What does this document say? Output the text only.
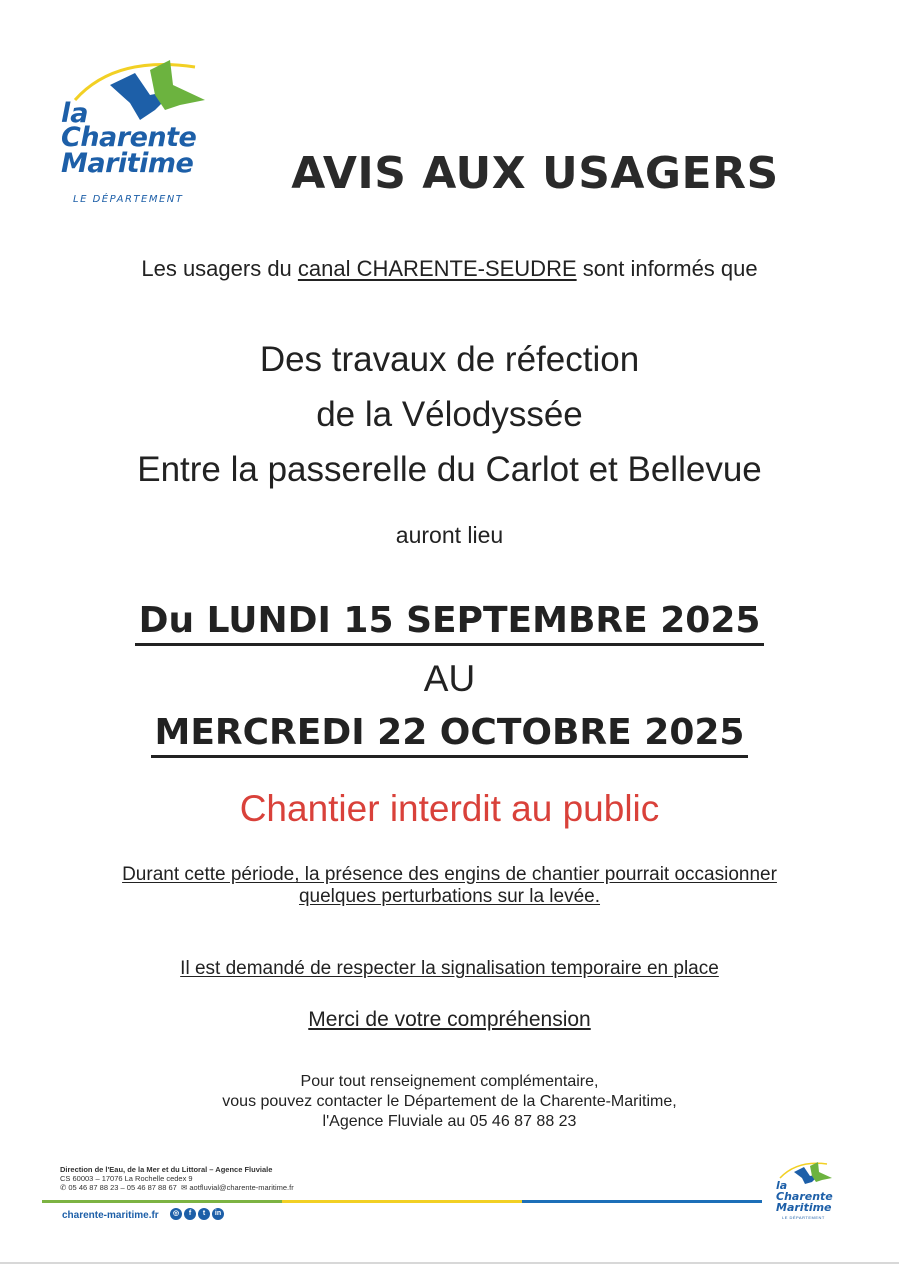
la
Charente
Maritime
LE DÉPARTEMENT
AVIS AUX USAGERS
Les usagers du canal CHARENTE-SEUDRE sont informés que
Des travaux de réfection
de la Vélodyssée
Entre la passerelle du Carlot et Bellevue
auront lieu
Du LUNDI 15 SEPTEMBRE 2025
AU
MERCREDI 22 OCTOBRE 2025
Chantier interdit au public
Durant cette période, la présence des engins de chantier pourrait occasionner
quelques perturbations sur la levée.
Il est demandé de respecter la signalisation temporaire en place
Merci de votre compréhension
Pour tout renseignement complémentaire,
vous pouvez contacter le Département de la Charente-Maritime,
l'Agence Fluviale au 05 46 87 88 23
Direction de l'Eau, de la Mer et du Littoral – Agence Fluviale
CS 60003 – 17076 La Rochelle cedex 9
✆ 05 46 87 88 23 – 05 46 87 88 67 ✉ aotfluvial@charente-maritime.fr
charente-maritime.fr	◎	f	t	in
la
Charente
Maritime
LE DÉPARTEMENT
